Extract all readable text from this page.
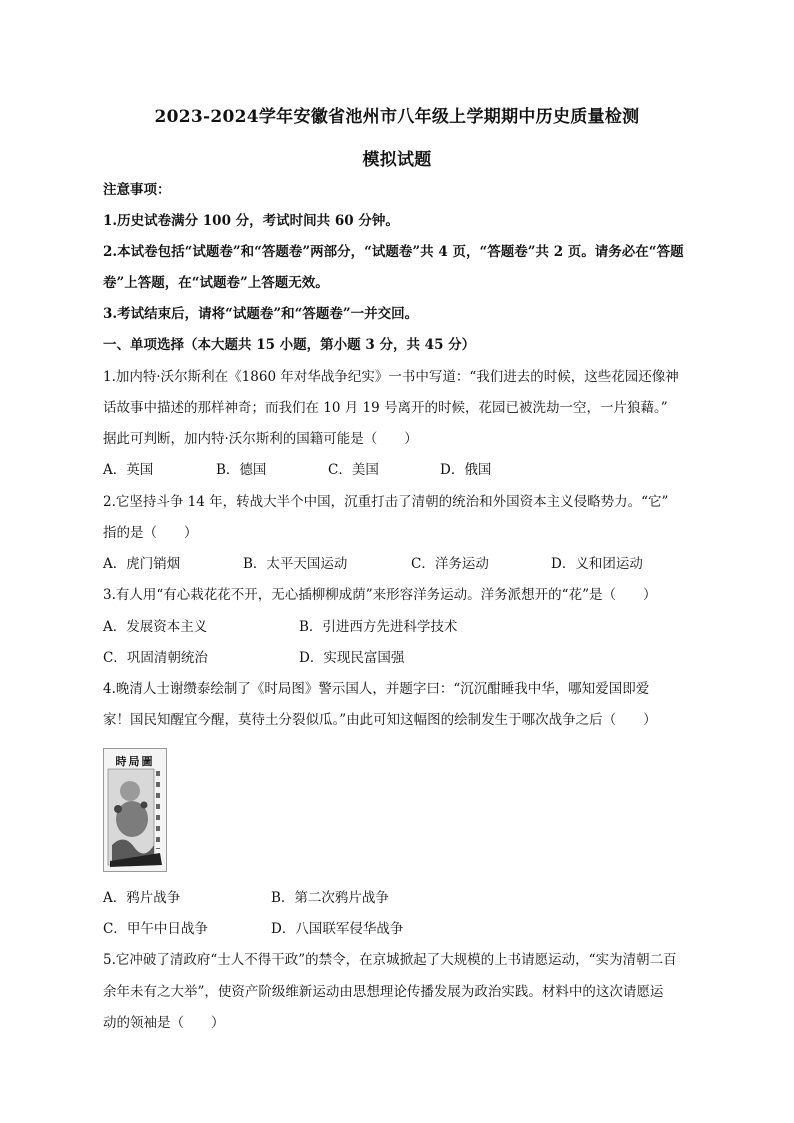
2023-2024学年安徽省池州市八年级上学期期中历史质量检测
模拟试题
注意事项：
1.历史试卷满分 100 分，考试时间共 60 分钟。
2.本试卷包括“试题卷”和“答题卷”两部分，“试题卷”共 4 页，“答题卷”共 2 页。请务必在“答题
卷”上答题，在“试题卷”上答题无效。
3.考试结束后，请将“试题卷”和“答题卷”一并交回。
一、单项选择（本大题共 15 小题，第小题 3 分，共 45 分）
1.加内特·沃尔斯利在《1860 年对华战争纪实》一书中写道：“我们进去的时候，这些花园还像神
话故事中描述的那样神奇；而我们在 10 月 19 号离开的时候，花园已被洗劫一空，一片狼藉。”
据此可判断，加内特·沃尔斯利的国籍可能是（　　）
A．英国	B．德国	C．美国	D．俄国
2.它坚持斗争 14 年，转战大半个中国，沉重打击了清朝的统治和外国资本主义侵略势力。“它”
指的是（　　）
A．虎门销烟	B．太平天国运动	C．洋务运动	D．义和团运动
3.有人用“有心栽花花不开，无心插柳柳成荫”来形容洋务运动。洋务派想开的“花”是（　　）
A．发展资本主义	B．引进西方先进科学技术
C．巩固清朝统治	D．实现民富国强
4.晚清人士谢缵泰绘制了《时局图》警示国人，并题字曰：“沉沉酣睡我中华，哪知爱国即爱
家！国民知醒宜今醒，莫待土分裂似瓜。”由此可知这幅图的绘制发生于哪次战争之后（　　）
時局圖
A．鸦片战争	B．第二次鸦片战争
C．甲午中日战争	D．八国联军侵华战争
5.它冲破了清政府“士人不得干政”的禁令，在京城掀起了大规模的上书请愿运动，“实为清朝二百
余年未有之大举”，使资产阶级维新运动由思想理论传播发展为政治实践。材料中的这次请愿运
动的领袖是（　　）
